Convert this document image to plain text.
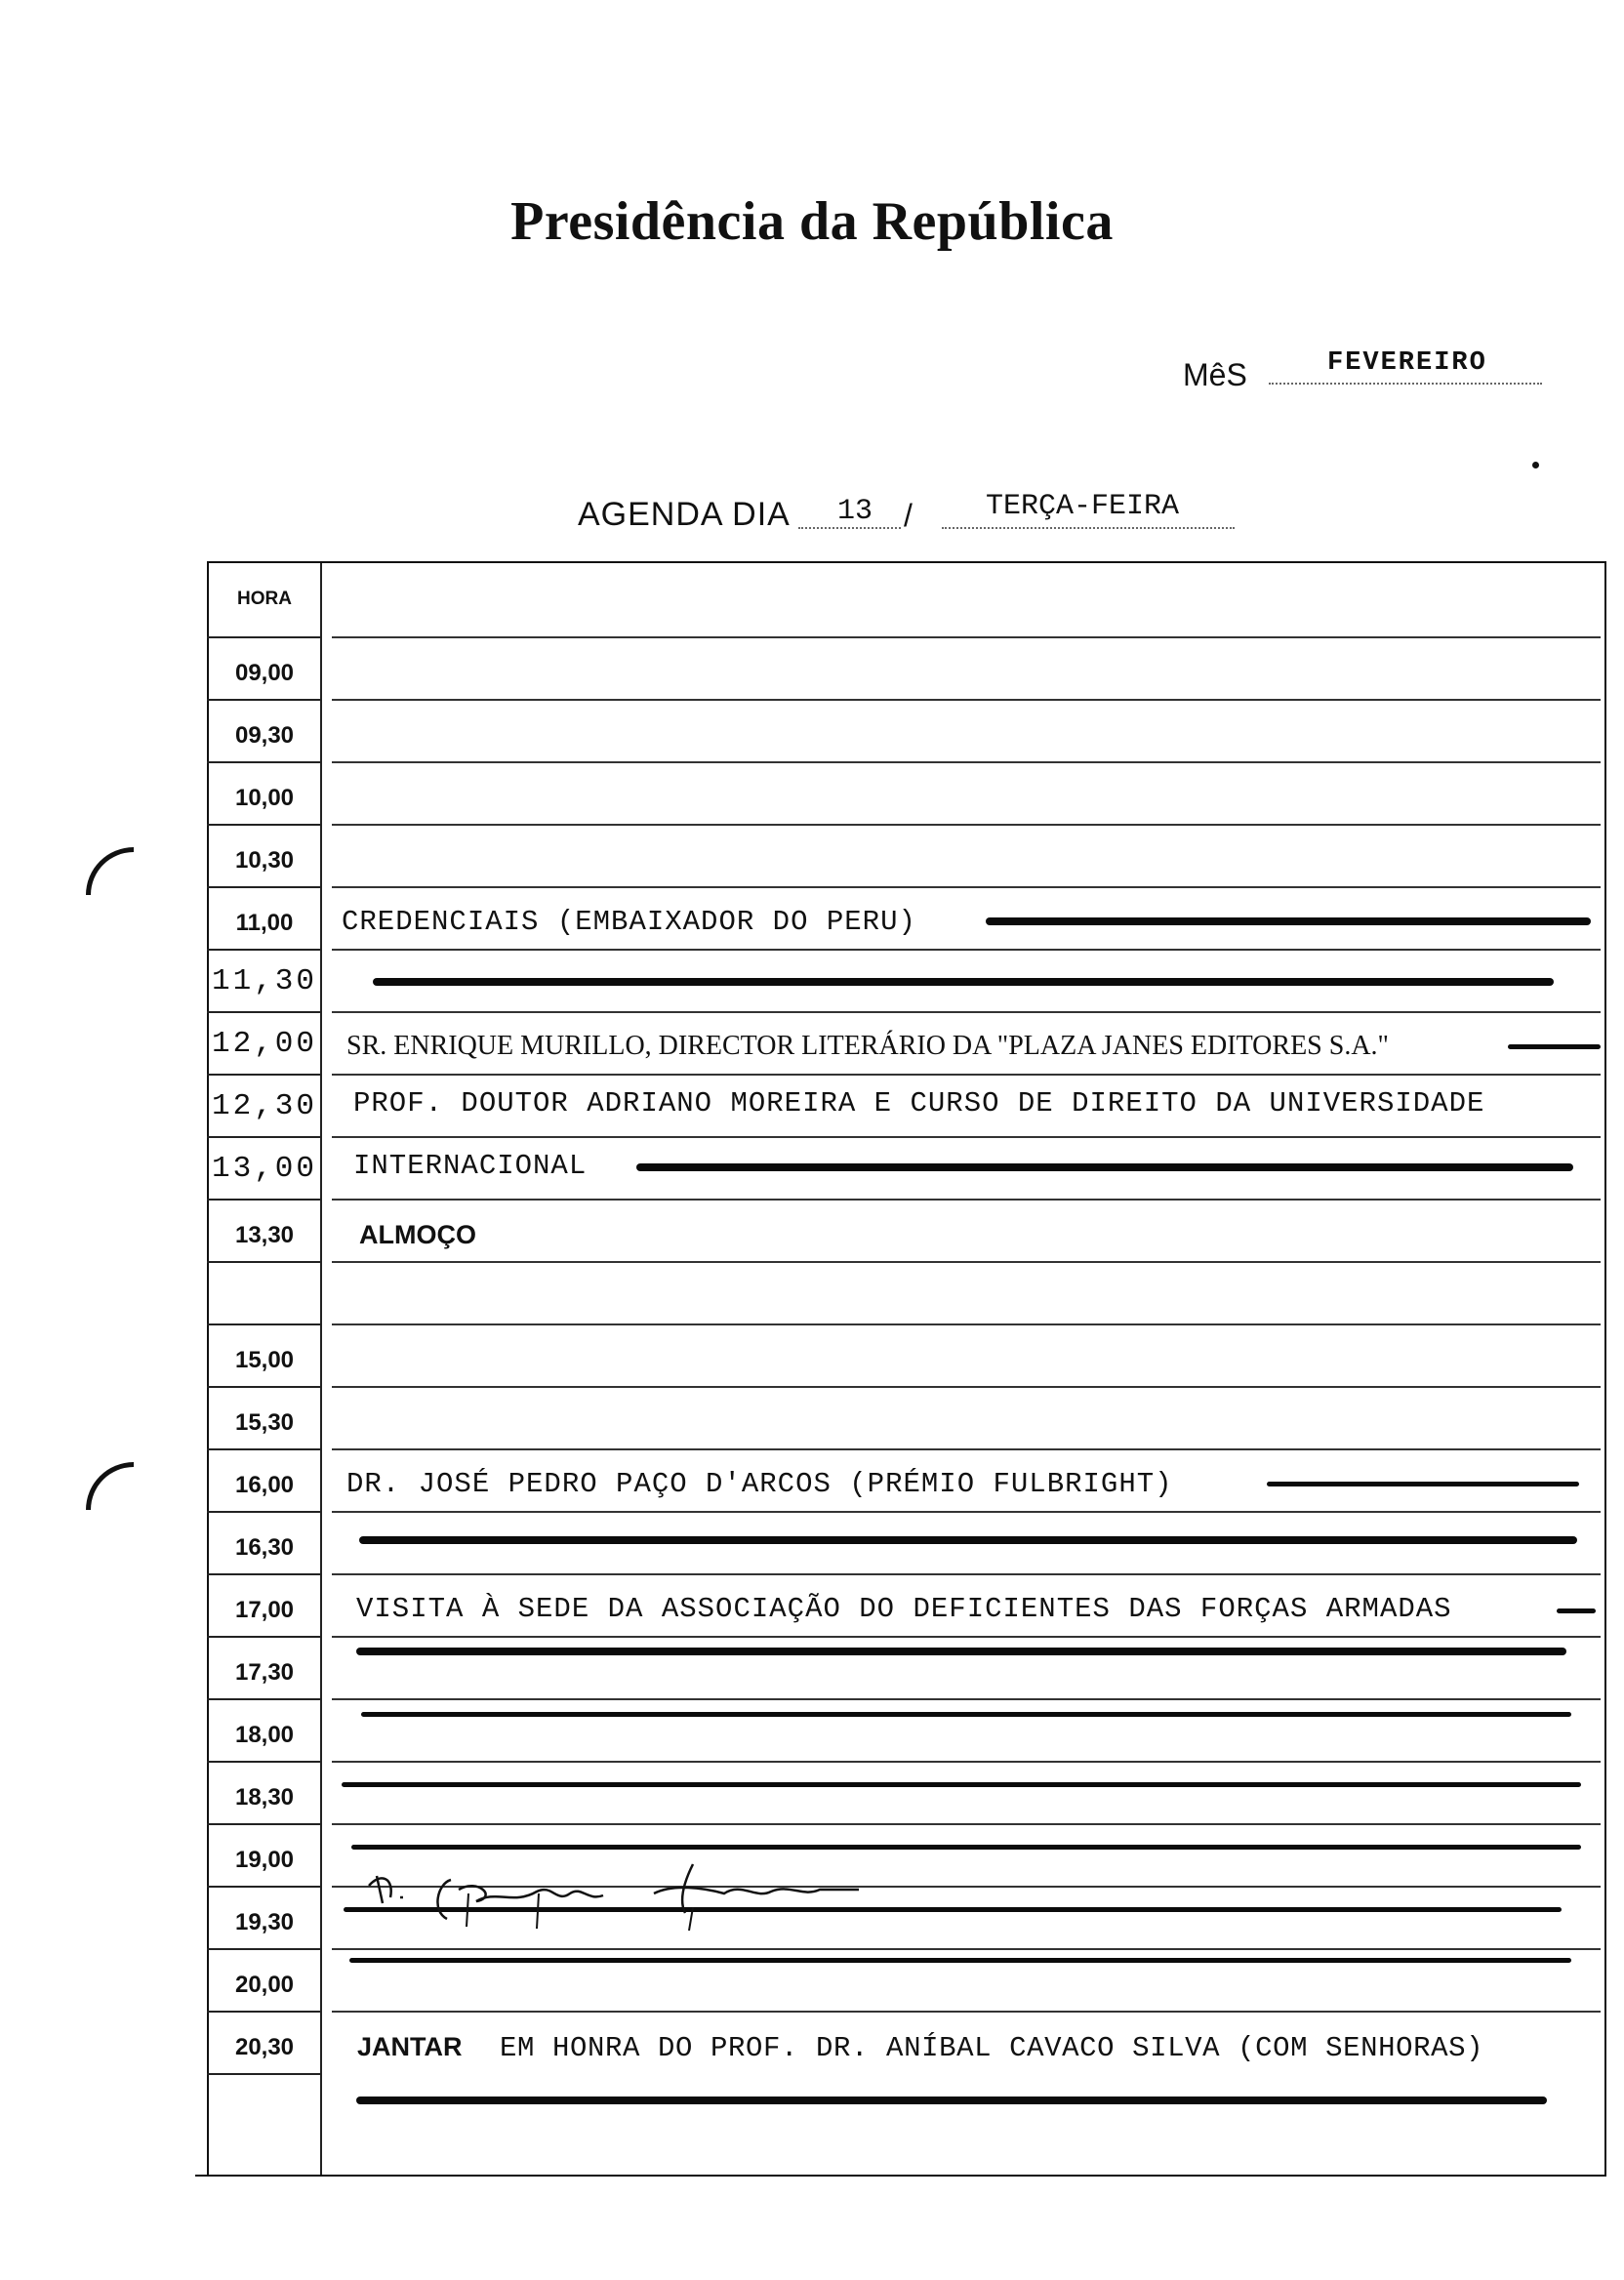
Presidência da República
MêS	FEVEREIRO
AGENDA DIA 13 /	TERÇA-FEIRA
HORA
09,00
09,30
10,00
10,30
11,00	CREDENCIAIS (EMBAIXADOR DO PERU)
11,30
12,00 SR. ENRIQUE MURILLO, DIRECTOR LITERÁRIO DA "PLAZA JANES EDITORES S.A."
12,30 PROF. DOUTOR ADRIANO MOREIRA E CURSO DE DIREITO DA UNIVERSIDADE
13,00 INTERNACIONAL
13,30	ALMOÇO
15,00
15,30
16,00	DR. JOSÉ PEDRO PAÇO D'ARCOS (PRÉMIO FULBRIGHT)
16,30
17,00	VISITA À SEDE DA ASSOCIAÇÃO DO DEFICIENTES DAS FORÇAS ARMADAS
17,30
18,00
18,30
19,00
19,30
20,00
20,30	JANTAR EM HONRA DO PROF. DR. ANÍBAL CAVACO SILVA (COM SENHORAS)
